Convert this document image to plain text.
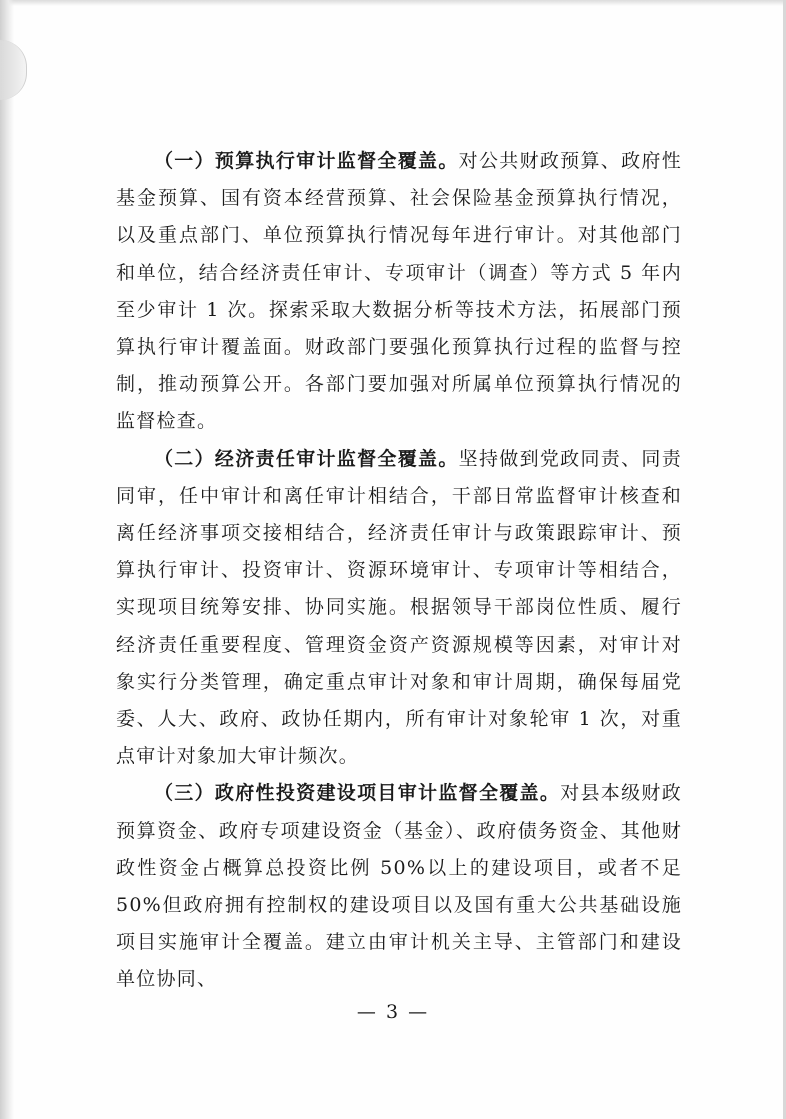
（一）预算执行审计监督全覆盖。对公共财政预算、政府性基金预算、国有资本经营预算、社会保险基金预算执行情况，以及重点部门、单位预算执行情况每年进行审计。对其他部门和单位，结合经济责任审计、专项审计（调查）等方式 5 年内至少审计 1 次。探索采取大数据分析等技术方法，拓展部门预算执行审计覆盖面。财政部门要强化预算执行过程的监督与控制，推动预算公开。各部门要加强对所属单位预算执行情况的监督检查。

（二）经济责任审计监督全覆盖。坚持做到党政同责、同责同审，任中审计和离任审计相结合，干部日常监督审计核查和离任经济事项交接相结合，经济责任审计与政策跟踪审计、预算执行审计、投资审计、资源环境审计、专项审计等相结合，实现项目统筹安排、协同实施。根据领导干部岗位性质、履行经济责任重要程度、管理资金资产资源规模等因素，对审计对象实行分类管理，确定重点审计对象和审计周期，确保每届党委、人大、政府、政协任期内，所有审计对象轮审 1 次，对重点审计对象加大审计频次。

（三）政府性投资建设项目审计监督全覆盖。对县本级财政预算资金、政府专项建设资金（基金）、政府债务资金、其他财政性资金占概算总投资比例 50%以上的建设项目，或者不足 50%但政府拥有控制权的建设项目以及国有重大公共基础设施项目实施审计全覆盖。建立由审计机关主导、主管部门和建设单位协同、

— 3 —
